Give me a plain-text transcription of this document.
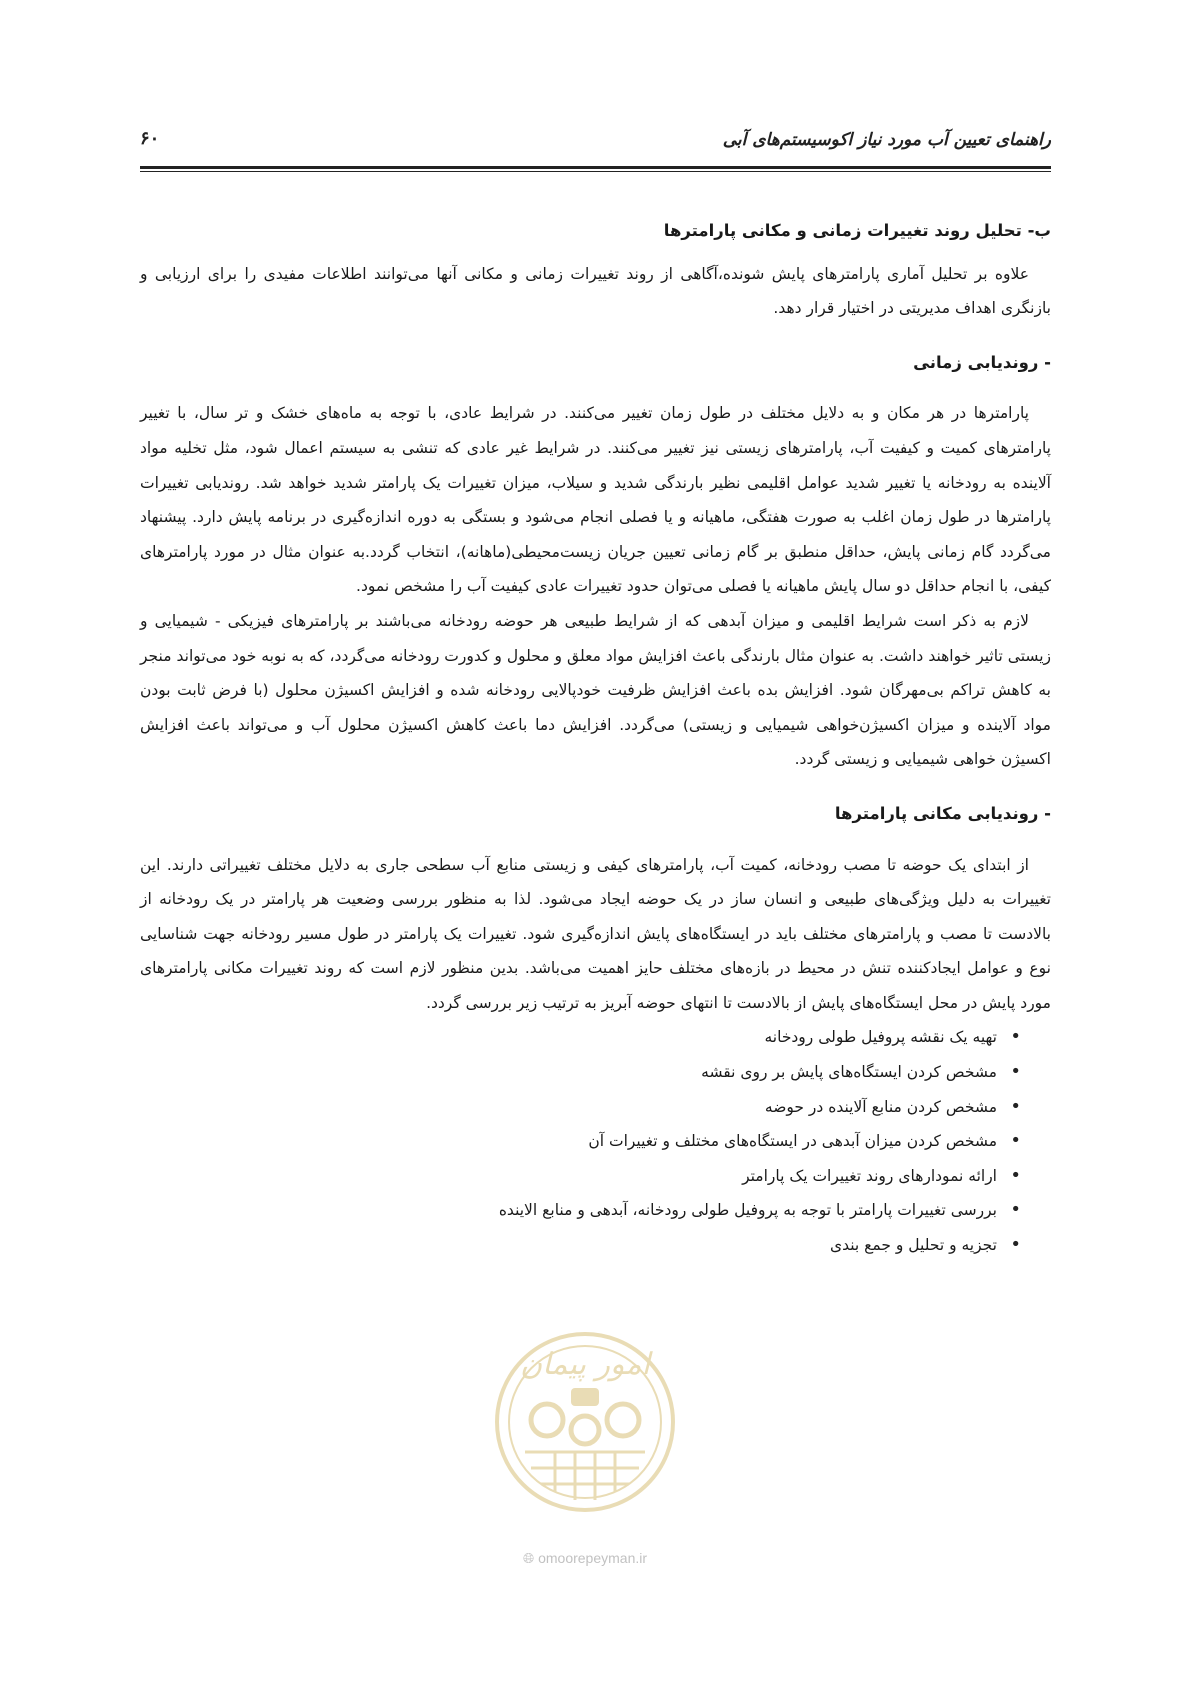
راهنمای تعیین آب مورد نیاز اکوسیستم‌های آبی
۶۰

ب- تحلیل روند تغییرات زمانی و مکانی پارامترها

علاوه بر تحلیل آماری پارامترهای پایش شونده،آگاهی از روند تغییرات زمانی و مکانی آنها می‌توانند اطلاعات مفیدی را برای ارزیابی و بازنگری اهداف مدیریتی در اختیار قرار دهد.

- روندیابی زمانی

پارامترها در هر مکان و به دلایل مختلف در طول زمان تغییر می‌کنند. در شرایط عادی، با توجه به ماه‌های خشک و تر سال، با تغییر پارامترهای کمیت و کیفیت آب، پارامترهای زیستی نیز تغییر می‌کنند. در شرایط غیر عادی که تنشی به سیستم اعمال شود، مثل تخلیه مواد آلاینده به رودخانه یا تغییر شدید عوامل اقلیمی نظیر بارندگی شدید و سیلاب، میزان تغییرات یک پارامتر شدید خواهد شد. روندیابی تغییرات پارامترها در طول زمان اغلب به صورت هفتگی، ماهیانه و یا فصلی انجام می‌شود و بستگی به دوره اندازه‌گیری در برنامه پایش دارد. پیشنهاد می‌گردد گام زمانی پایش، حداقل منطبق بر گام زمانی تعیین جریان زیست‌محیطی(ماهانه)، انتخاب گردد.به عنوان مثال در مورد پارامترهای کیفی، با انجام حداقل دو سال پایش ماهیانه یا فصلی می‌توان حدود تغییرات عادی کیفیت آب را مشخص نمود.

لازم به ذکر است شرایط اقلیمی و میزان آبدهی که از شرایط طبیعی هر حوضه رودخانه می‌باشند بر پارامترهای فیزیکی - شیمیایی و زیستی تاثیر خواهند داشت. به عنوان مثال بارندگی باعث افزایش مواد معلق و محلول و کدورت رودخانه می‌گردد، که به نوبه خود می‌تواند منجر به کاهش تراکم بی‌مهرگان شود. افزایش بده باعث افزایش ظرفیت خودپالایی رودخانه شده و افزایش اکسیژن محلول (با فرض ثابت بودن مواد آلاینده و میزان اکسیژن‌خواهی شیمیایی و زیستی) می‌گردد. افزایش دما باعث کاهش اکسیژن محلول آب و می‌تواند باعث افزایش اکسیژن خواهی شیمیایی و زیستی گردد.

- روندیابی مکانی پارامترها

از ابتدای یک حوضه تا مصب رودخانه، کمیت آب، پارامترهای کیفی و زیستی منابع آب سطحی جاری به دلایل مختلف تغییراتی دارند. این تغییرات به دلیل ویژگی‌های طبیعی و انسان ساز در یک حوضه ایجاد می‌شود. لذا به منظور بررسی وضعیت هر پارامتر در یک رودخانه از بالادست تا مصب و پارامترهای مختلف باید در ایستگاه‌های پایش اندازه‌گیری شود. تغییرات یک پارامتر در طول مسیر رودخانه جهت شناسایی نوع و عوامل ایجادکننده تنش در محیط در بازه‌های مختلف حایز اهمیت می‌باشد. بدین منظور لازم است که روند تغییرات مکانی پارامترهای مورد پایش در محل ایستگاه‌های پایش از بالادست تا انتهای حوضه آبریز به ترتیب زیر بررسی گردد.

• تهیه یک نقشه پروفیل طولی رودخانه
• مشخص کردن ایستگاه‌های پایش بر روی نقشه
• مشخص کردن منابع آلاینده در حوضه
• مشخص کردن میزان آبدهی در ایستگاه‌های مختلف و تغییرات آن
• ارائه نمودارهای روند تغییرات یک پارامتر
• بررسی تغییرات پارامتر با توجه به پروفیل طولی رودخانه، آبدهی و منابع الاینده
• تجزیه و تحلیل و جمع بندی
امور پیمان
🌐︎ omoorepeyman.ir
